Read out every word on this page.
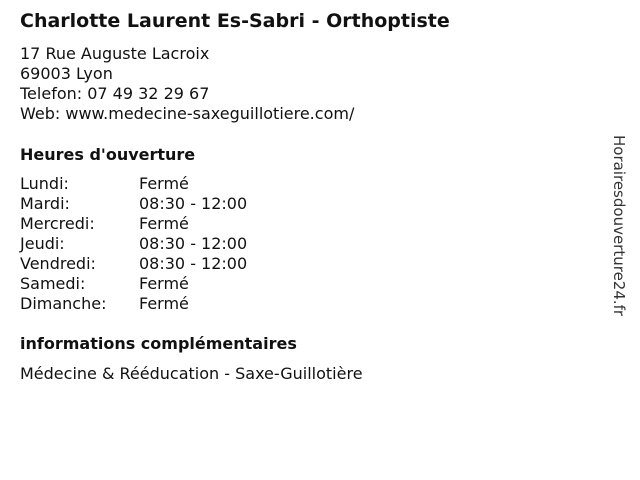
Charlotte Laurent Es-Sabri - Orthoptiste
17 Rue Auguste Lacroix
69003 Lyon
Telefon: 07 49 32 29 67
Web: www.medecine-saxeguillotiere.com/
Heures d'ouverture
Lundi:	Fermé
Mardi:	08:30 - 12:00
Mercredi:	Fermé
Jeudi:	08:30 - 12:00
Vendredi:	08:30 - 12:00
Samedi:	Fermé
Dimanche: Fermé
informations complémentaires
Médecine & Rééducation - Saxe-Guillotière
Horairesdouverture24.fr
